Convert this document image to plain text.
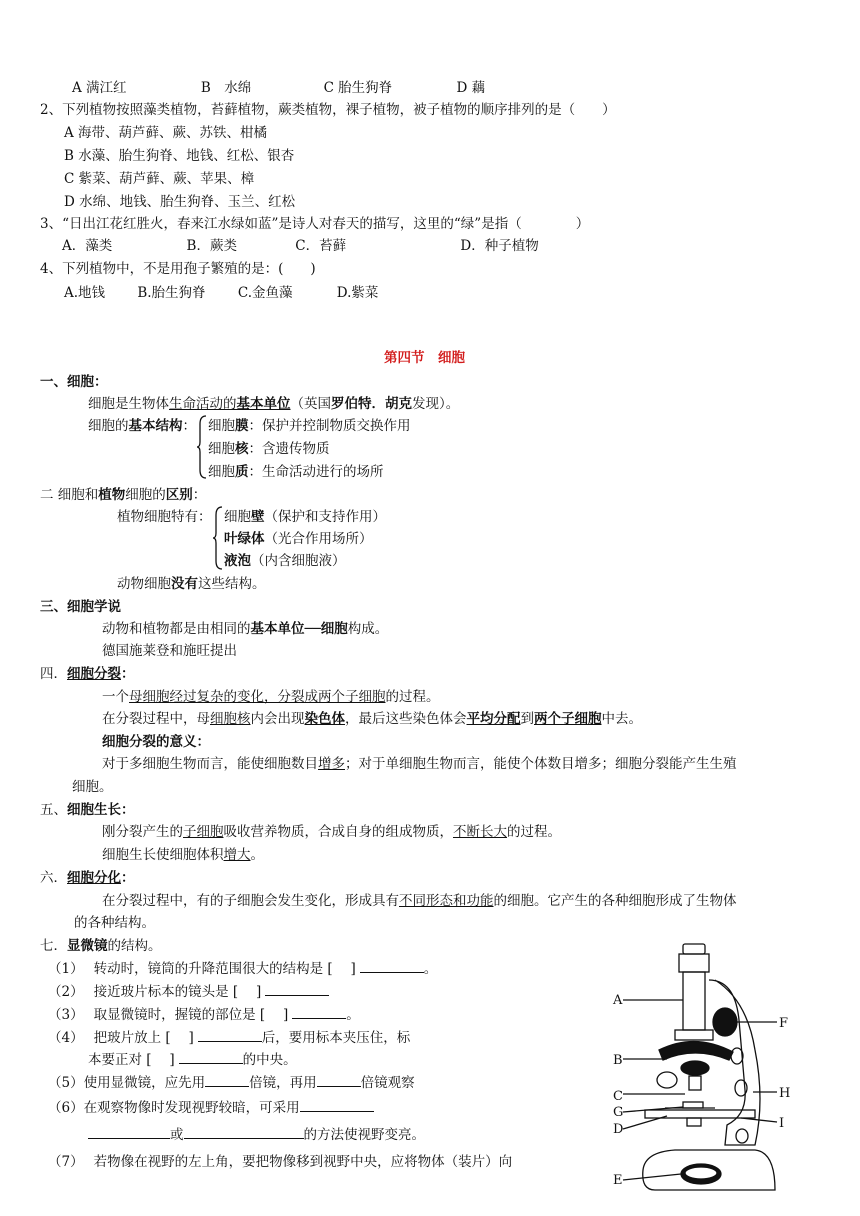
A 满江红	B　水绵	C 胎生狗脊	D 藕
2、下列植物按照藻类植物，苔藓植物，蕨类植物，裸子植物，被子植物的顺序排列的是（　　）
A 海带、葫芦藓、蕨、苏铁、柑橘
B 水藻、胎生狗脊、地钱、红松、银杏
C 紫菜、葫芦藓、蕨、苹果、樟
D 水绵、地钱、胎生狗脊、玉兰、红松
3、“日出江花红胜火，春来江水绿如蓝”是诗人对春天的描写，这里的“绿”是指（　　　　）
A．藻类	B．蕨类	C．苔藓	D．种子植物
4、下列植物中，不是用孢子繁殖的是：(　　)
A.地钱 B.胎生狗脊 C.金鱼藻	D.紫菜
第四节　细胞
一、细胞：
细胞是生物体生命活动的基本单位（英国罗伯特．胡克发现）。
细胞的基本结构： 细胞膜：保护并控制物质交换作用
细胞核：含遗传物质
细胞质：生命活动进行的场所
二 细胞和植物细胞的区别：
植物细胞特有： 细胞壁（保护和支持作用）
叶绿体（光合作用场所）
液泡（内含细胞液）
动物细胞没有这些结构。
三、细胞学说
动物和植物都是由相同的基本单位──细胞构成。
德国施莱登和施旺提出
四．细胞分裂：
一个母细胞经过复杂的变化，分裂成两个子细胞的过程。
在分裂过程中，母细胞核内会出现染色体，最后这些染色体会平均分配到两个子细胞中去。
细胞分裂的意义：
对于多细胞生物而言，能使细胞数目增多；对于单细胞生物而言，能使个体数目增多；细胞分裂能产生生殖
细胞。
五、细胞生长：
刚分裂产生的子细胞吸收营养物质，合成自身的组成物质，不断长大的过程。
细胞生长使细胞体积增大。
六．细胞分化：
在分裂过程中，有的子细胞会发生变化，形成具有不同形态和功能的细胞。它产生的各种细胞形成了生物体
的各种结构。
七．显微镜的结构。
（1） 转动时，镜筒的升降范围很大的结构是 [　 ]	。
（2） 接近玻片标本的镜头是 [　 ]
（3） 取显微镜时，握镜的部位是 [　 ]	。
（4） 把玻片放上 [　 ]	后，要用标本夹压住，标
本要正对 [　 ]	的中央。
（5）使用显微镜，应先用	倍镜，再用	倍镜观察
（6）在观察物像时发现视野较暗，可采用
或	的方法使视野变亮。
（7） 若物像在视野的左上角，要把物像移到视野中央，应将物体（装片）向
A
B
C
G
D
E
F
H
I
